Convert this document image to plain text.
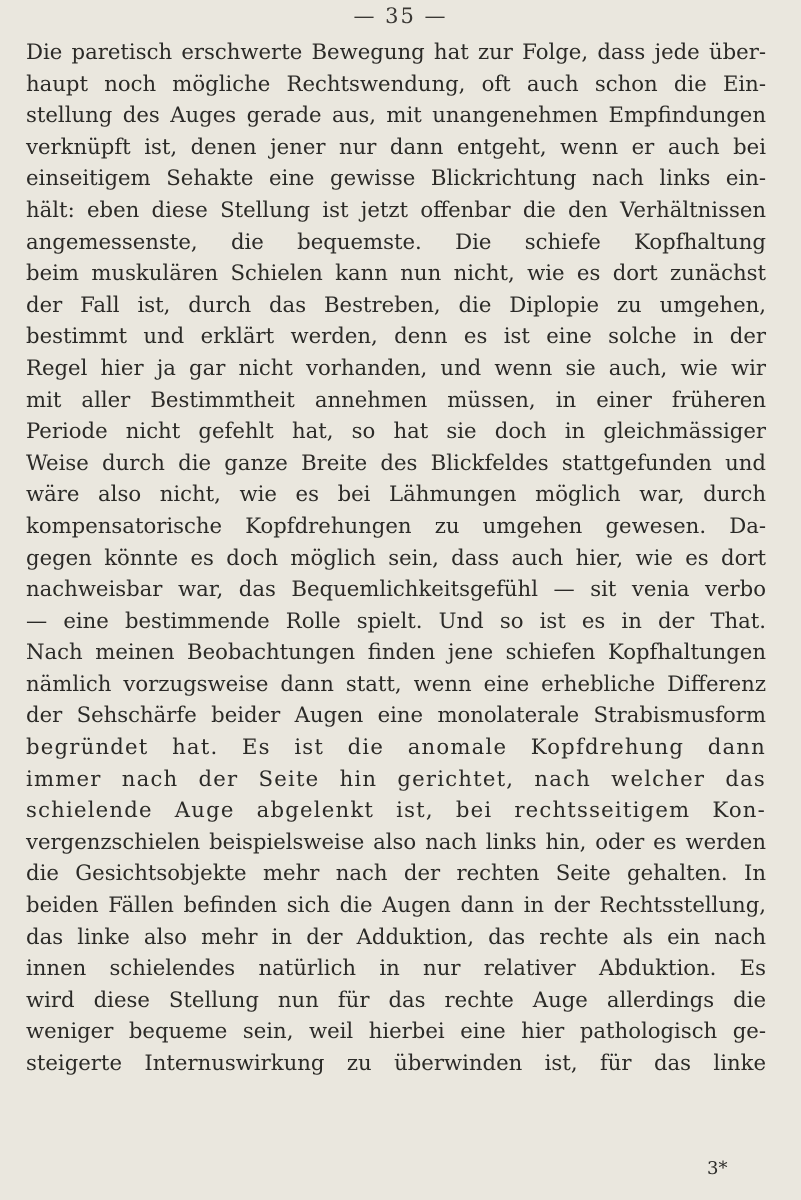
— 35 —
Die paretisch erschwerte Bewegung hat zur Folge, dass jede über-
haupt noch mögliche Rechtswendung, oft auch schon die Ein-
stellung des Auges gerade aus, mit unangenehmen Empfindungen
verknüpft ist, denen jener nur dann entgeht, wenn er auch bei
einseitigem Sehakte eine gewisse Blickrichtung nach links ein-
hält: eben diese Stellung ist jetzt offenbar die den Verhältnissen
angemessenste, die bequemste. Die schiefe Kopfhaltung
beim muskulären Schielen kann nun nicht, wie es dort zunächst
der Fall ist, durch das Bestreben, die Diplopie zu umgehen,
bestimmt und erklärt werden, denn es ist eine solche in der
Regel hier ja gar nicht vorhanden, und wenn sie auch, wie wir
mit aller Bestimmtheit annehmen müssen, in einer früheren
Periode nicht gefehlt hat, so hat sie doch in gleichmässiger
Weise durch die ganze Breite des Blickfeldes stattgefunden und
wäre also nicht, wie es bei Lähmungen möglich war, durch
kompensatorische Kopfdrehungen zu umgehen gewesen. Da-
gegen könnte es doch möglich sein, dass auch hier, wie es dort
nachweisbar war, das Bequemlichkeitsgefühl — sit venia verbo
— eine bestimmende Rolle spielt. Und so ist es in der That.
Nach meinen Beobachtungen finden jene schiefen Kopfhaltungen
nämlich vorzugsweise dann statt, wenn eine erhebliche Differenz
der Sehschärfe beider Augen eine monolaterale Strabismusform
begründet hat. Es ist die anomale Kopfdrehung dann
immer nach der Seite hin gerichtet, nach welcher das
schielende Auge abgelenkt ist, bei rechtsseitigem Kon-
vergenzschielen beispielsweise also nach links hin, oder es werden
die Gesichtsobjekte mehr nach der rechten Seite gehalten. In
beiden Fällen befinden sich die Augen dann in der Rechtsstellung,
das linke also mehr in der Adduktion, das rechte als ein nach
innen schielendes natürlich in nur relativer Abduktion. Es
wird diese Stellung nun für das rechte Auge allerdings die
weniger bequeme sein, weil hierbei eine hier pathologisch ge-
steigerte Internuswirkung zu überwinden ist, für das linke
3*
